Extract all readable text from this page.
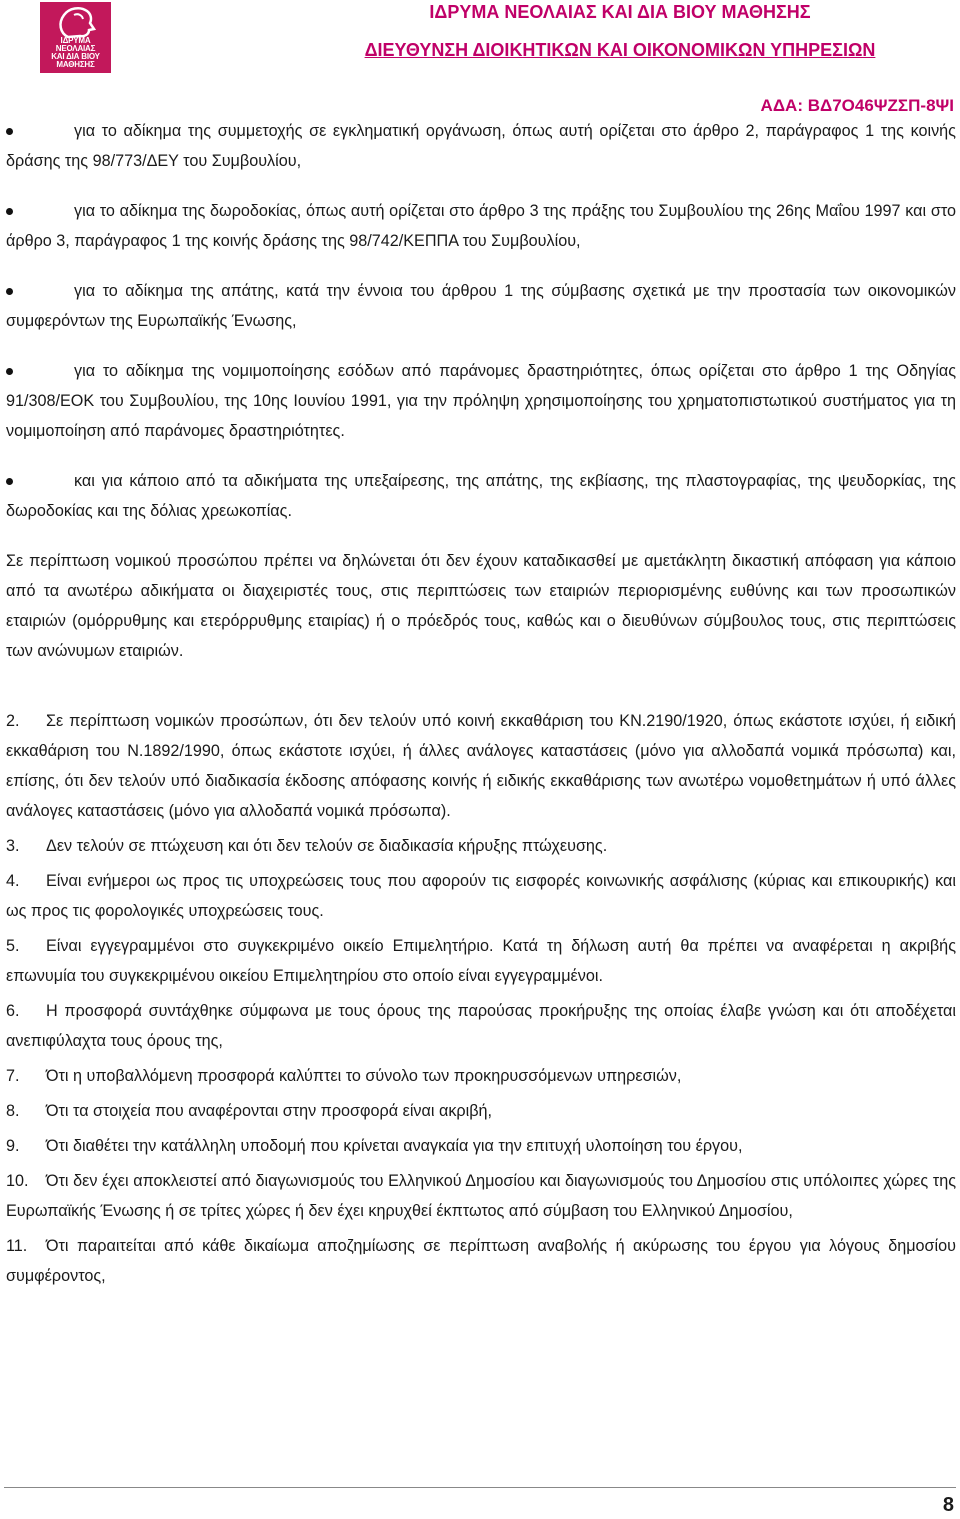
ΙΔΡΥΜΑ
ΝΕΟΛΑΙΑΣ
ΚΑΙ ΔΙΑ ΒΙΟΥ
ΜΑΘΗΣΗΣ
ΙΔΡΥΜΑ ΝΕΟΛΑΙΑΣ ΚΑΙ ΔΙΑ ΒΙΟΥ ΜΑΘΗΣΗΣ
ΔΙΕΥΘΥΝΣΗ ΔΙΟΙΚΗΤΙΚΩΝ ΚΑΙ ΟΙΚΟΝΟΜΙΚΩΝ ΥΠΗΡΕΣΙΩΝ
ΑΔΑ: ΒΔ7Ο46ΨΖΣΠ-8ΨΙ
για το αδίκημα της συμμετοχής σε εγκληματική οργάνωση, όπως αυτή ορίζεται στο άρθρο 2, παράγραφος 1 της κοινής δράσης της 98/773/ΔΕΥ του Συμβουλίου,
για το αδίκημα της δωροδοκίας, όπως αυτή ορίζεται στο άρθρο 3 της πράξης του Συμβουλίου της 26ης Μαΐου 1997 και στο άρθρο 3, παράγραφος 1 της κοινής δράσης της 98/742/ΚΕΠΠΑ του Συμβουλίου,
για το αδίκημα της απάτης, κατά την έννοια του άρθρου 1 της σύμβασης σχετικά με την προστασία των οικονομικών συμφερόντων της Ευρωπαϊκής Ένωσης,
για το αδίκημα της νομιμοποίησης εσόδων από παράνομες δραστηριότητες, όπως ορίζεται στο άρθρο 1 της Οδηγίας 91/308/ΕΟΚ του Συμβουλίου, της 10ης Ιουνίου 1991, για την πρόληψη χρησιμοποίησης του χρηματοπιστωτικού συστήματος για τη νομιμοποίηση από παράνομες δραστηριότητες.
και για κάποιο από τα αδικήματα της υπεξαίρεσης, της απάτης, της εκβίασης, της πλαστογραφίας, της ψευδορκίας, της δωροδοκίας και της δόλιας χρεωκοπίας.

Σε περίπτωση νομικού προσώπου πρέπει να δηλώνεται ότι δεν έχουν καταδικασθεί με αμετάκλητη δικαστική απόφαση για κάποιο από τα ανωτέρω αδικήματα οι διαχειριστές τους, στις περιπτώσεις των εταιριών περιορισμένης ευθύνης και των προσωπικών εταιριών (ομόρρυθμης και ετερόρρυθμης εταιρίας) ή ο πρόεδρός τους, καθώς και ο διευθύνων σύμβουλος τους, στις περιπτώσεις των ανώνυμων εταιριών.

2. Σε περίπτωση νομικών προσώπων, ότι δεν τελούν υπό κοινή εκκαθάριση του ΚΝ.2190/1920, όπως εκάστοτε ισχύει, ή ειδική εκκαθάριση του Ν.1892/1990, όπως εκάστοτε ισχύει, ή άλλες ανάλογες καταστάσεις (μόνο για αλλοδαπά νομικά πρόσωπα) και, επίσης, ότι δεν τελούν υπό διαδικασία έκδοσης απόφασης κοινής ή ειδικής εκκαθάρισης των ανωτέρω νομοθετημάτων ή υπό άλλες ανάλογες καταστάσεις (μόνο για αλλοδαπά νομικά πρόσωπα).
3. Δεν τελούν σε πτώχευση και ότι δεν τελούν σε διαδικασία κήρυξης πτώχευσης.
4. Είναι ενήμεροι ως προς τις υποχρεώσεις τους που αφορούν τις εισφορές κοινωνικής ασφάλισης (κύριας και επικουρικής) και ως προς τις φορολογικές υποχρεώσεις τους.
5. Είναι εγγεγραμμένοι στο συγκεκριμένο οικείο Επιμελητήριο. Κατά τη δήλωση αυτή θα πρέπει να αναφέρεται η ακριβής επωνυμία του συγκεκριμένου οικείου Επιμελητηρίου στο οποίο είναι εγγεγραμμένοι.
6. Η προσφορά συντάχθηκε σύμφωνα με τους όρους της παρούσας προκήρυξης της οποίας έλαβε γνώση και ότι αποδέχεται ανεπιφύλαχτα τους όρους της,
7. Ότι η υποβαλλόμενη προσφορά καλύπτει το σύνολο των προκηρυσσόμενων υπηρεσιών,
8. Ότι τα στοιχεία που αναφέρονται στην προσφορά είναι ακριβή,
9. Ότι διαθέτει την κατάλληλη υποδομή που κρίνεται αναγκαία για την επιτυχή υλοποίηση του έργου,
10. Ότι δεν έχει αποκλειστεί από διαγωνισμούς του Ελληνικού Δημοσίου και διαγωνισμούς του Δημοσίου στις υπόλοιπες χώρες της Ευρωπαϊκής Ένωσης ή σε τρίτες χώρες ή δεν έχει κηρυχθεί έκπτωτος από σύμβαση του Ελληνικού Δημοσίου,
11. Ότι παραιτείται από κάθε δικαίωμα αποζημίωσης σε περίπτωση αναβολής ή ακύρωσης του έργου για λόγους δημοσίου συμφέροντος,
8
